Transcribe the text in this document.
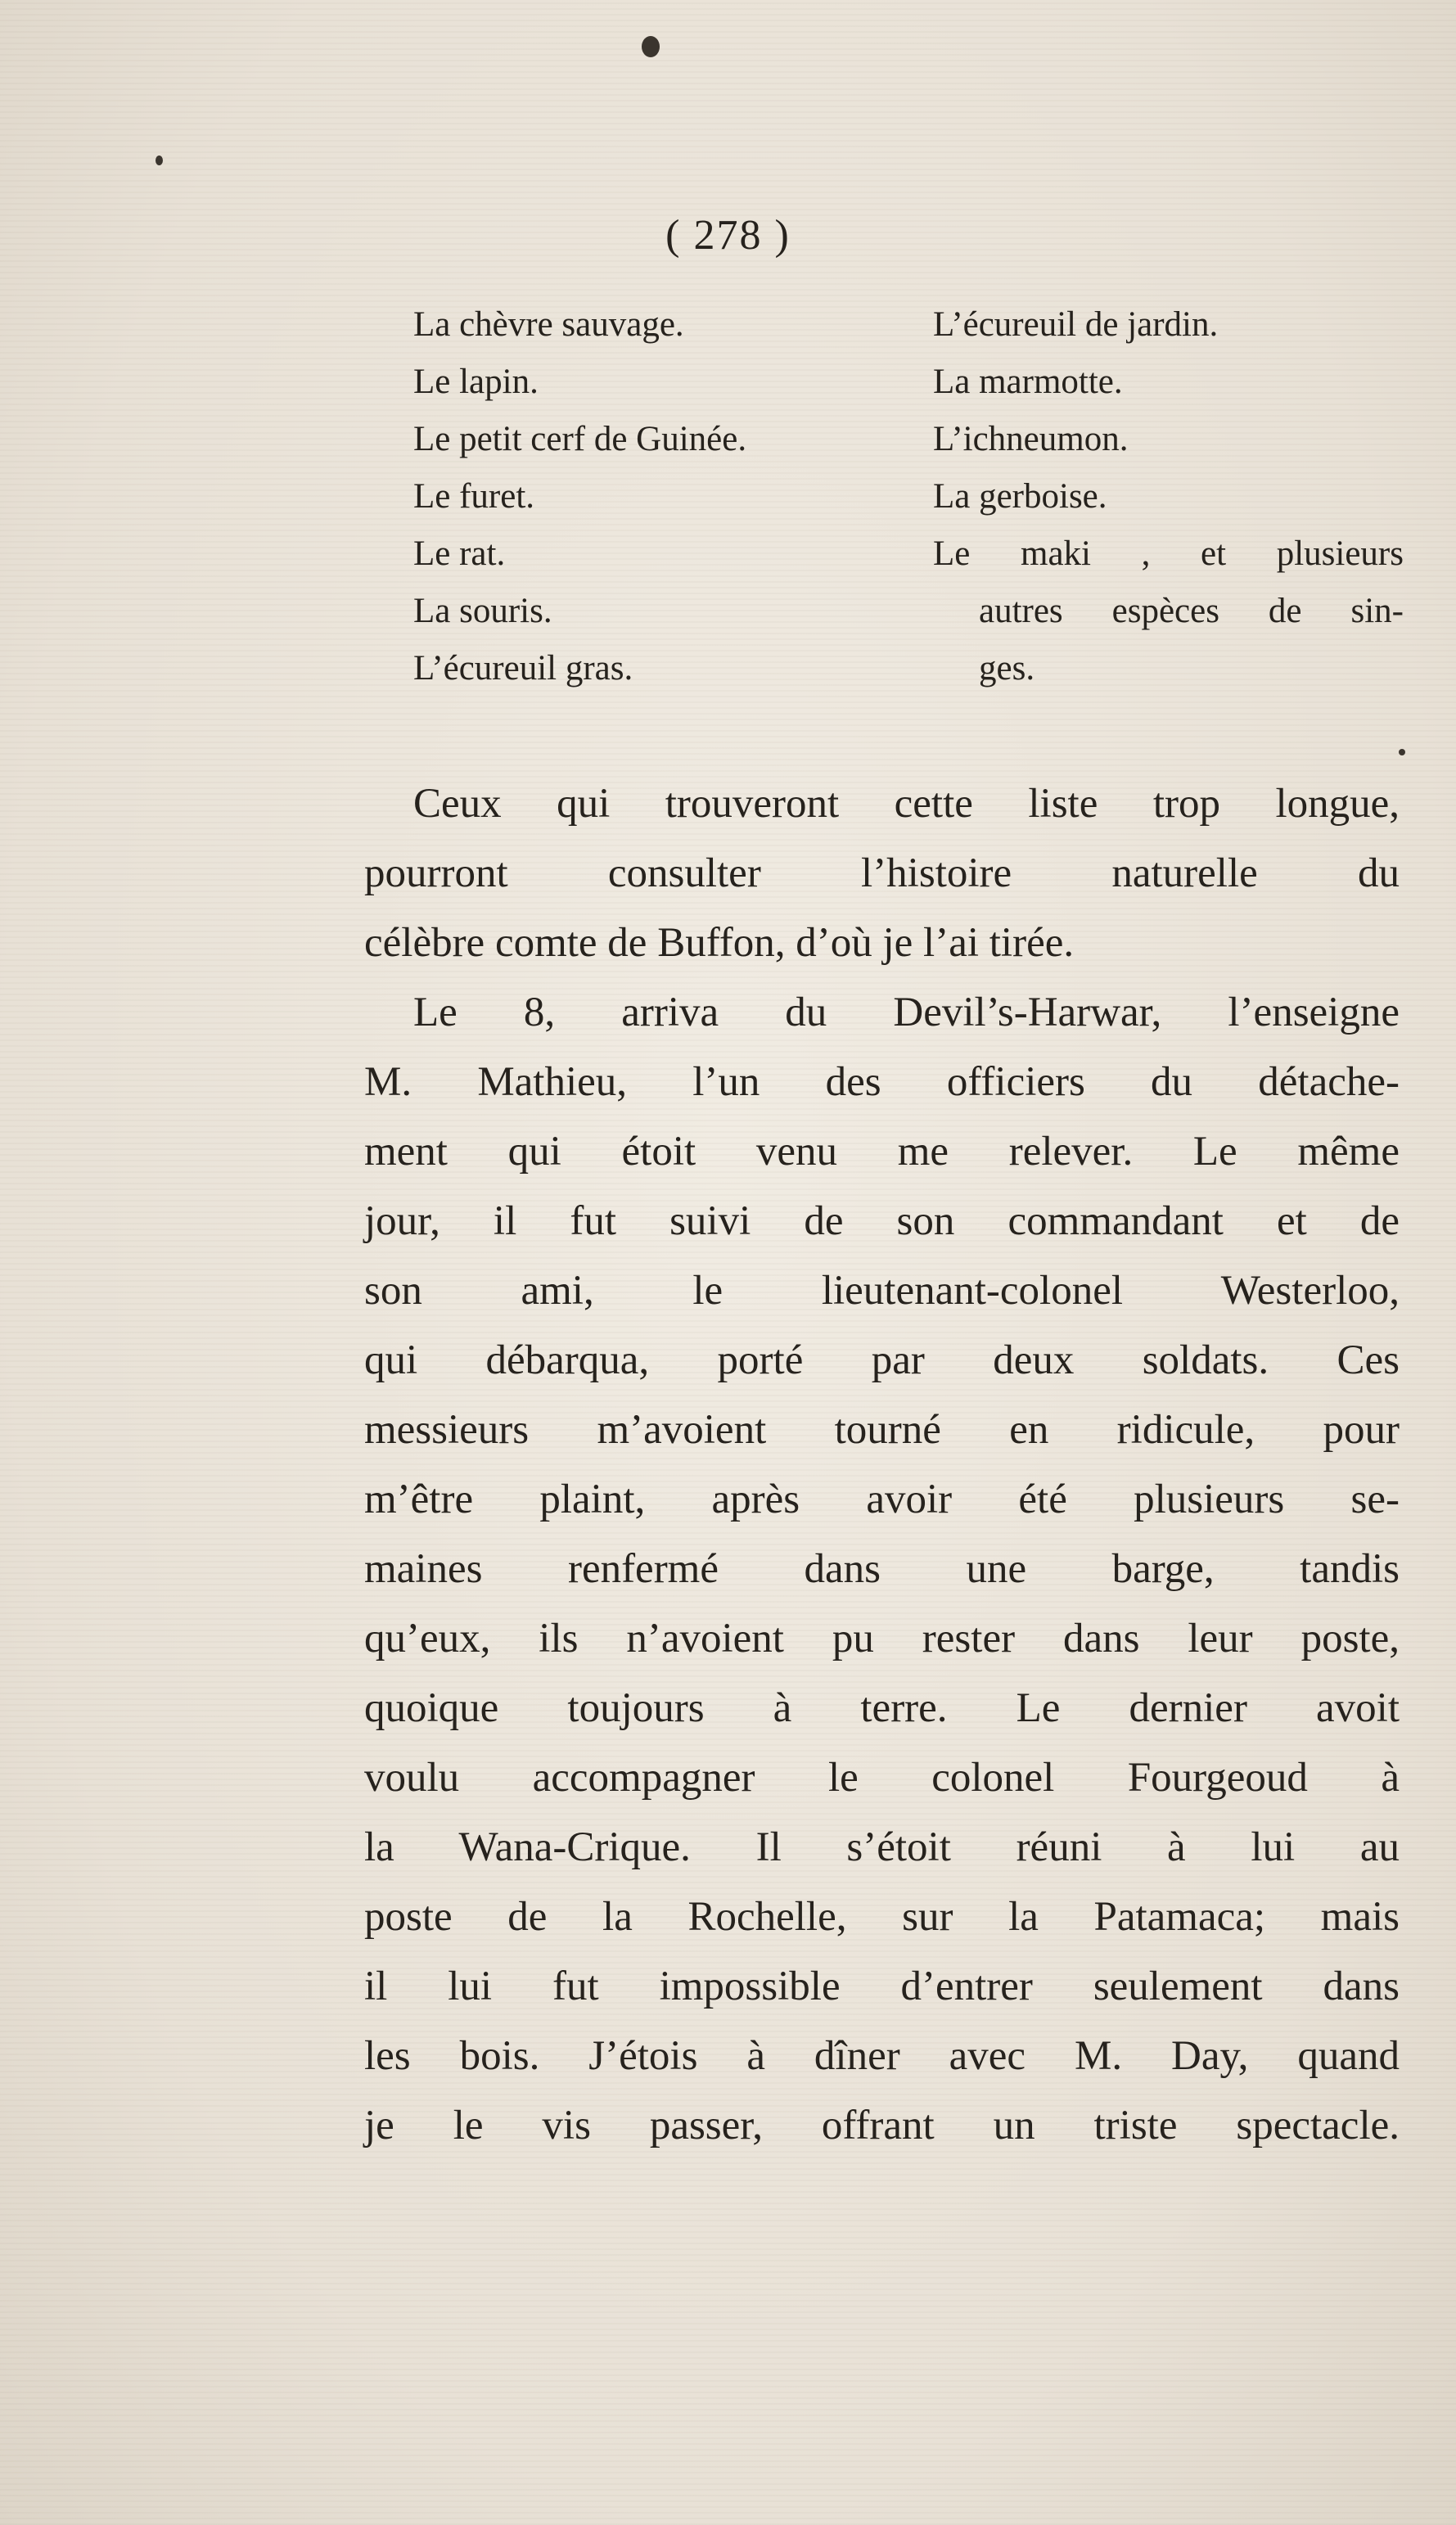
( 278 )
La chèvre sauvage.
Le lapin.
Le petit cerf de Guinée.
Le furet.
Le rat.
La souris.
L’écureuil gras.
L’écureuil de jardin.
La marmotte.
L’ichneumon.
La gerboise.
Le maki , et plusieurs
autres espèces de sin-
ges.
Ceux qui trouveront cette liste trop longue,
pourront consulter l’histoire naturelle du
célèbre comte de Buffon, d’où je l’ai tirée.
Le 8, arriva du Devil’s-Harwar, l’enseigne
M. Mathieu, l’un des officiers du détache-
ment qui étoit venu me relever. Le même
jour, il fut suivi de son commandant et de
son ami, le lieutenant-colonel Westerloo,
qui débarqua, porté par deux soldats. Ces
messieurs m’avoient tourné en ridicule, pour
m’être plaint, après avoir été plusieurs se-
maines renfermé dans une barge, tandis
qu’eux, ils n’avoient pu rester dans leur poste,
quoique toujours à terre. Le dernier avoit
voulu accompagner le colonel Fourgeoud à
la Wana-Crique. Il s’étoit réuni à lui au
poste de la Rochelle, sur la Patamaca; mais
il lui fut impossible d’entrer seulement dans
les bois. J’étois à dîner avec M. Day, quand
je le vis passer, offrant un triste spectacle.
